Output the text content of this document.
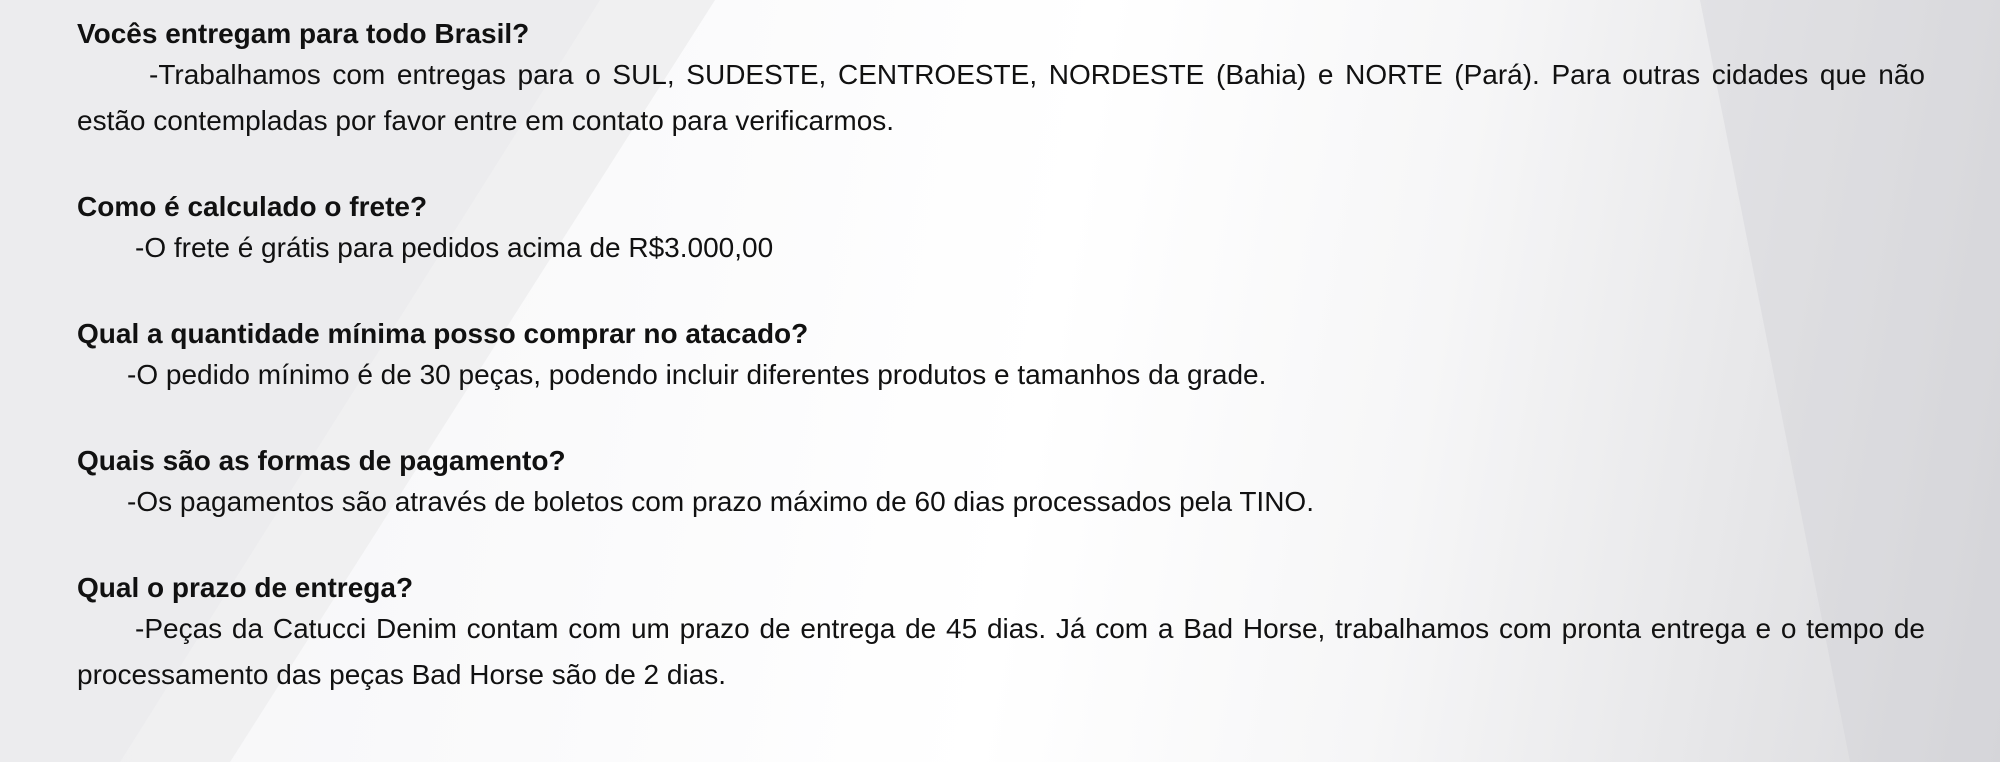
Vocês entregam para todo Brasil?

-Trabalhamos com entregas para o SUL, SUDESTE, CENTROESTE, NORDESTE (Bahia) e NORTE (Pará). Para outras cidades que não estão contempladas por favor entre em contato para verificarmos.

Como é calculado o frete?

-O frete é grátis para pedidos acima de R$3.000,00

Qual a quantidade mínima posso comprar no atacado?

-O pedido mínimo é de 30 peças, podendo incluir diferentes produtos e tamanhos da grade.

Quais são as formas de pagamento?

-Os pagamentos são através de boletos com prazo máximo de 60 dias processados pela TINO.

Qual o prazo de entrega?

-Peças da Catucci Denim contam com um prazo de entrega de 45 dias. Já com a Bad Horse, trabalhamos com pronta entrega e o tempo de processamento das peças Bad Horse são de 2 dias.
